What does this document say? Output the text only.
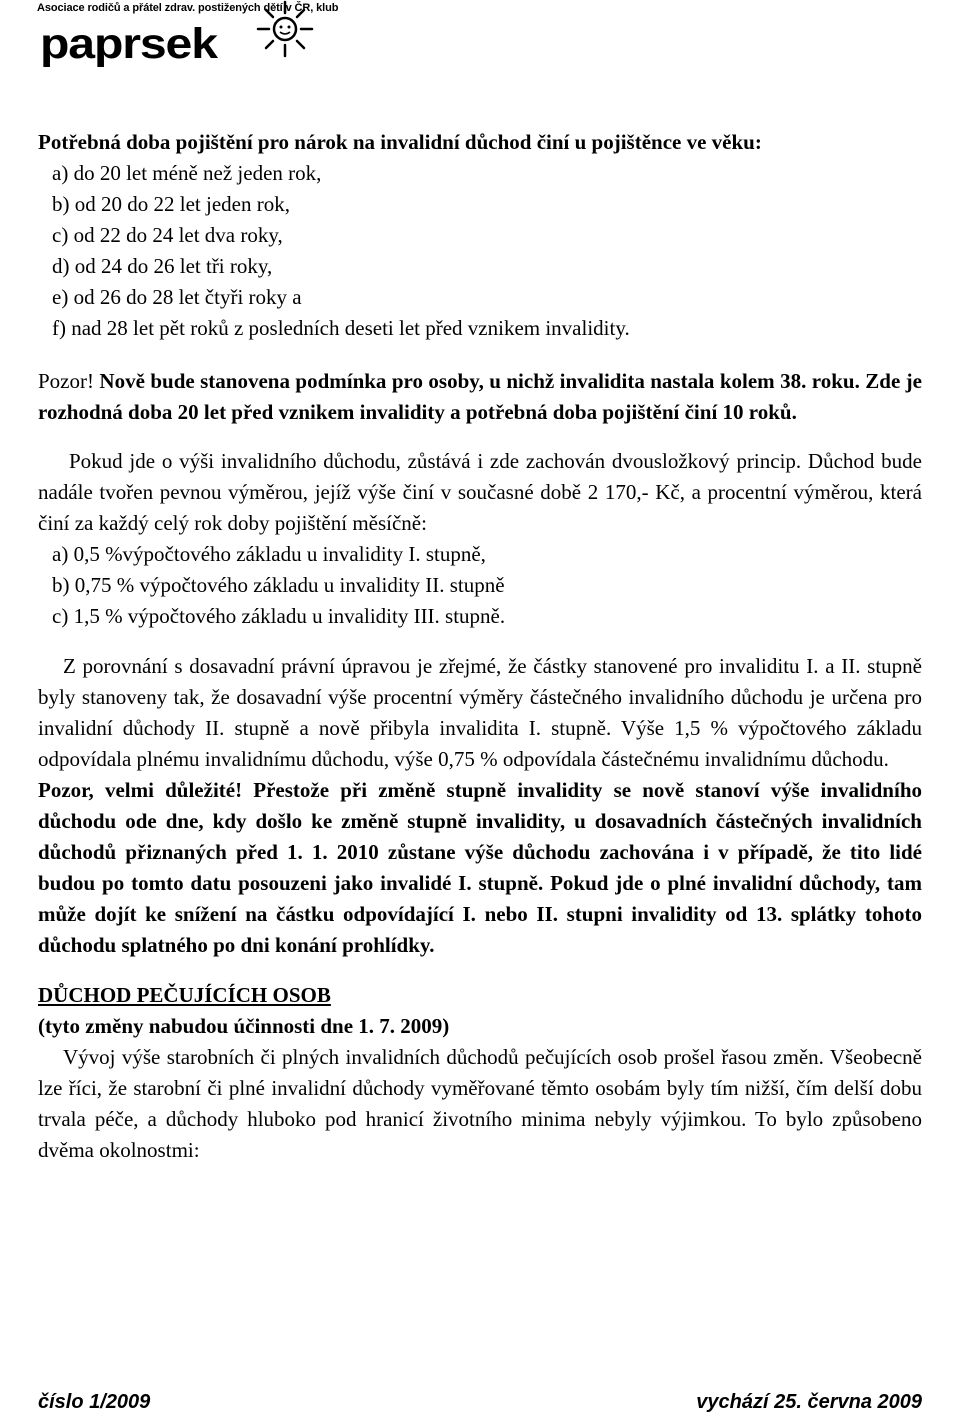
Asociace rodičů a přátel zdrav. postižených dětí v ČR, klub
paprsek

Potřebná doba pojištění pro nárok na invalidní důchod činí u pojištěnce ve věku:

a) do 20 let méně než jeden rok,

b) od 20 do 22 let jeden rok,

c) od 22 do 24 let dva roky,

d) od 24 do 26 let tři roky,

e) od 26 do 28 let čtyři roky a

f) nad 28 let pět roků z posledních deseti let před vznikem invalidity.

Pozor! Nově bude stanovena podmínka pro osoby, u nichž invalidita nastala kolem 38. roku. Zde je rozhodná doba 20 let před vznikem invalidity a potřebná doba pojištění činí 10 roků.

Pokud jde o výši invalidního důchodu, zůstává i zde zachován dvousložkový princip. Důchod bude nadále tvořen pevnou výměrou, jejíž výše činí v současné době 2 170,- Kč, a procentní výměrou, která činí za každý celý rok doby pojištění měsíčně:

a) 0,5 %výpočtového základu u invalidity I. stupně,

b) 0,75 % výpočtového základu u invalidity II. stupně

c) 1,5 % výpočtového základu u invalidity III. stupně.

Z porovnání s dosavadní právní úpravou je zřejmé, že částky stanovené pro invaliditu I. a II. stupně byly stanoveny tak, že dosavadní výše procentní výměry částečného invalidního důchodu je určena pro invalidní důchody II. stupně a nově přibyla invalidita I. stupně. Výše 1,5 % výpočtového základu odpovídala plnému invalidnímu důchodu, výše 0,75 % odpovídala částečnému invalidnímu důchodu.

Pozor, velmi důležité! Přestože při změně stupně invalidity se nově stanoví výše invalidního důchodu ode dne, kdy došlo ke změně stupně invalidity, u dosavadních částečných invalidních důchodů přiznaných před 1. 1. 2010 zůstane výše důchodu zachována i v případě, že tito lidé budou po tomto datu posouzeni jako invalidé I. stupně. Pokud jde o plné invalidní důchody, tam může dojít ke snížení na částku odpovídající I. nebo II. stupni invalidity od 13. splátky tohoto důchodu splatného po dni konání prohlídky.

DŮCHOD PEČUJÍCÍCH OSOB

(tyto změny nabudou účinnosti dne 1. 7. 2009)

Vývoj výše starobních či plných invalidních důchodů pečujících osob prošel řasou změn. Všeobecně lze říci, že starobní či plné invalidní důchody vyměřované těmto osobám byly tím nižší, čím delší dobu trvala péče, a důchody hluboko pod hranicí životního minima nebyly výjimkou. To bylo způsobeno dvěma okolnostmi:

číslo 1/2009	vychází 25. června 2009
